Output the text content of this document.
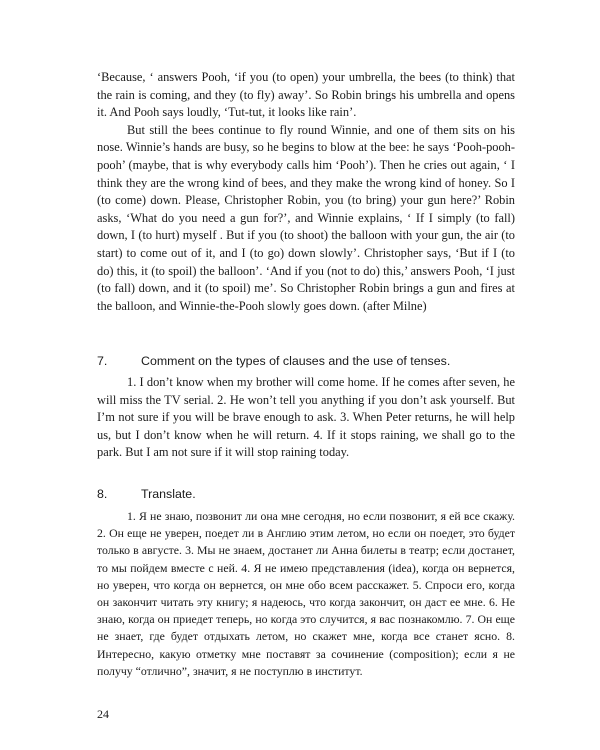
‘Because, ‘ answers Pooh, ‘if you (to open) your umbrella, the bees (to think) that the rain is coming, and they (to fly) away’. So Robin brings his umbrella and opens it. And Pooh says loudly, ‘Tut-tut, it looks like rain’.

But still the bees continue to fly round Winnie, and one of them sits on his nose. Winnie’s hands are busy, so he begins to blow at the bee: he says ‘Pooh-pooh-pooh’ (maybe, that is why everybody calls him ‘Pooh’). Then he cries out again, ‘ I think they are the wrong kind of bees, and they make the wrong kind of honey. So I (to come) down. Please, Christopher Robin, you (to bring) your gun here?’ Robin asks, ‘What do you need a gun for?’, and Winnie explains, ‘ If I simply (to fall) down, I (to hurt) myself . But if you (to shoot) the balloon with your gun, the air (to start) to come out of it, and I (to go) down slowly’. Christopher says, ‘But if I (to do) this, it (to spoil) the balloon’. ‘And if you (not to do) this,’ answers Pooh, ‘I just (to fall) down, and it (to spoil) me’. So Christopher Robin brings a gun and fires at the balloon, and Winnie-the-Pooh slowly goes down. (after Milne)

7.	Comment on the types of clauses and the use of tenses.

1. I don’t know when my brother will come home. If he comes after seven, he will miss the TV serial. 2. He won’t tell you anything if you don’t ask yourself. But I’m not sure if you will be brave enough to ask. 3. When Peter returns, he will help us, but I don’t know when he will return. 4. If it stops raining, we shall go to the park. But I am not sure if it will stop raining today.

8.	Translate.

1. Я не знаю, позвонит ли она мне сегодня, но если позвонит, я ей все скажу. 2. Он еще не уверен, поедет ли в Англию этим летом, но если он поедет, это будет только в августе. 3. Мы не знаем, достанет ли Анна билеты в театр; если достанет, то мы пойдем вместе с ней. 4. Я не имею представления (idea), когда он вернется, но уверен, что когда он вернется, он мне обо всем расскажет. 5. Спроси его, когда он закончит читать эту книгу; я надеюсь, что когда закончит, он даст ее мне. 6. Не знаю, когда он приедет теперь, но когда это случится, я вас познакомлю. 7. Он еще не знает, где будет отдыхать летом, но скажет мне, когда все станет ясно. 8. Интересно, какую отметку мне поставят за сочинение (composition); если я не получу “отлично”, значит, я не поступлю в институт.

24
